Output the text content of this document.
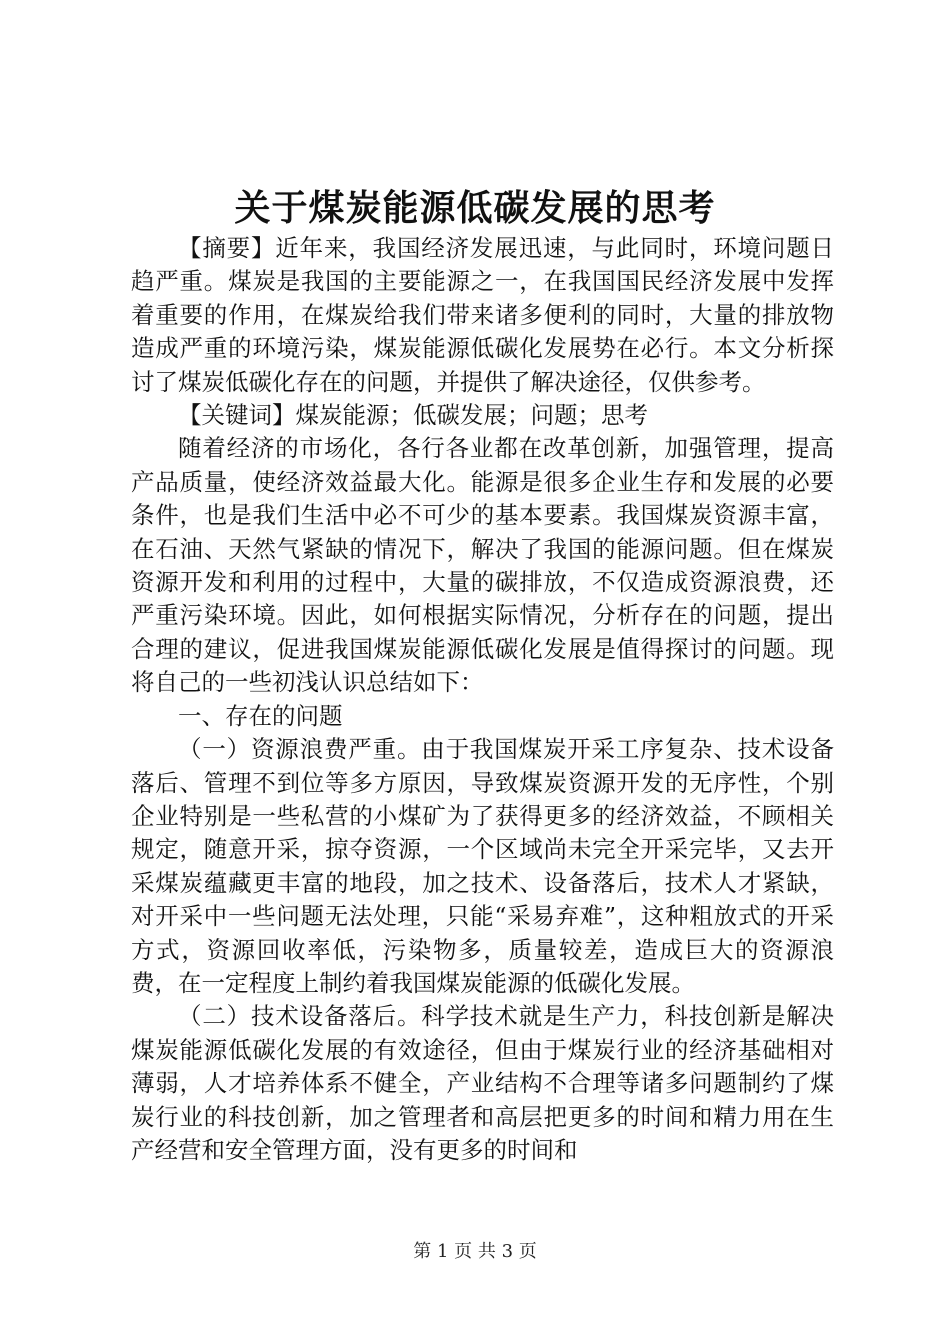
关于煤炭能源低碳发展的思考

【摘要】近年来，我国经济发展迅速，与此同时，环境问题日趋严重。煤炭是我国的主要能源之一，在我国国民经济发展中发挥着重要的作用，在煤炭给我们带来诸多便利的同时，大量的排放物造成严重的环境污染，煤炭能源低碳化发展势在必行。本文分析探讨了煤炭低碳化存在的问题，并提供了解决途径，仅供参考。

【关键词】煤炭能源；低碳发展；问题；思考

随着经济的市场化，各行各业都在改革创新，加强管理，提高产品质量，使经济效益最大化。能源是很多企业生存和发展的必要条件，也是我们生活中必不可少的基本要素。我国煤炭资源丰富，在石油、天然气紧缺的情况下，解决了我国的能源问题。但在煤炭资源开发和利用的过程中，大量的碳排放，不仅造成资源浪费，还严重污染环境。因此，如何根据实际情况，分析存在的问题，提出合理的建议，促进我国煤炭能源低碳化发展是值得探讨的问题。现将自己的一些初浅认识总结如下：

一、存在的问题

（一）资源浪费严重。由于我国煤炭开采工序复杂、技术设备落后、管理不到位等多方原因，导致煤炭资源开发的无序性，个别企业特别是一些私营的小煤矿为了获得更多的经济效益，不顾相关规定，随意开采，掠夺资源，一个区域尚未完全开采完毕，又去开采煤炭蕴藏更丰富的地段，加之技术、设备落后，技术人才紧缺，对开采中一些问题无法处理，只能“采易弃难”，这种粗放式的开采方式，资源回收率低，污染物多，质量较差，造成巨大的资源浪费，在一定程度上制约着我国煤炭能源的低碳化发展。

（二）技术设备落后。科学技术就是生产力，科技创新是解决煤炭能源低碳化发展的有效途径，但由于煤炭行业的经济基础相对薄弱，人才培养体系不健全，产业结构不合理等诸多问题制约了煤炭行业的科技创新，加之管理者和高层把更多的时间和精力用在生产经营和安全管理方面，没有更多的时间和

第 1 页 共 3 页
